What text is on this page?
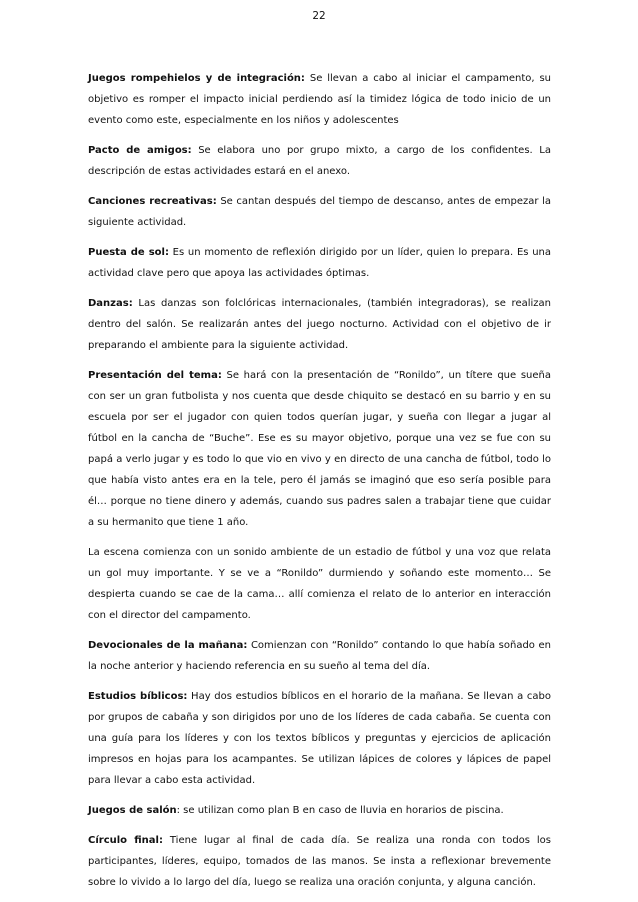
22

Juegos rompehielos y de integración: Se llevan a cabo al iniciar el campamento, su objetivo es romper el impacto inicial perdiendo así la timidez lógica de todo inicio de un evento como este, especialmente en los niños y adolescentes

Pacto de amigos: Se elabora uno por grupo mixto, a cargo de los confidentes. La descripción de estas actividades estará en el anexo.

Canciones recreativas: Se cantan después del tiempo de descanso, antes de empezar la siguiente actividad.

Puesta de sol: Es un momento de reflexión dirigido por un líder, quien lo prepara. Es una actividad clave pero que apoya las actividades óptimas.

Danzas: Las danzas son folclóricas internacionales, (también integradoras), se realizan dentro del salón. Se realizarán antes del juego nocturno. Actividad con el objetivo de ir preparando el ambiente para la siguiente actividad.

Presentación del tema: Se hará con la presentación de “Ronildo”, un títere que sueña con ser un gran futbolista y nos cuenta que desde chiquito se destacó en su barrio y en su escuela por ser el jugador con quien todos querían jugar, y sueña con llegar a jugar al fútbol en la cancha de “Buche”. Ese es su mayor objetivo, porque una vez se fue con su papá a verlo jugar y es todo lo que vio en vivo y en directo de una cancha de fútbol, todo lo que había visto antes era en la tele, pero él jamás se imaginó que eso sería posible para él… porque no tiene dinero y además, cuando sus padres salen a trabajar tiene que cuidar a su hermanito que tiene 1 año.

La escena comienza con un sonido ambiente de un estadio de fútbol y una voz que relata un gol muy importante. Y se ve a “Ronildo” durmiendo y soñando este momento… Se despierta cuando se cae de la cama… allí comienza el relato de lo anterior en interacción con el director del campamento.

Devocionales de la mañana: Comienzan con “Ronildo” contando lo que había soñado en la noche anterior y haciendo referencia en su sueño al tema del día.

Estudios bíblicos: Hay dos estudios bíblicos en el horario de la mañana. Se llevan a cabo por grupos de cabaña y son dirigidos por uno de los líderes de cada cabaña. Se cuenta con una guía para los líderes y con los textos bíblicos y preguntas y ejercicios de aplicación impresos en hojas para los acampantes. Se utilizan lápices de colores y lápices de papel para llevar a cabo esta actividad.

Juegos de salón: se utilizan como plan B en caso de lluvia en horarios de piscina.

Círculo final: Tiene lugar al final de cada día. Se realiza una ronda con todos los participantes, líderes, equipo, tomados de las manos. Se insta a reflexionar brevemente sobre lo vivido a lo largo del día, luego se realiza una oración conjunta, y alguna canción.
